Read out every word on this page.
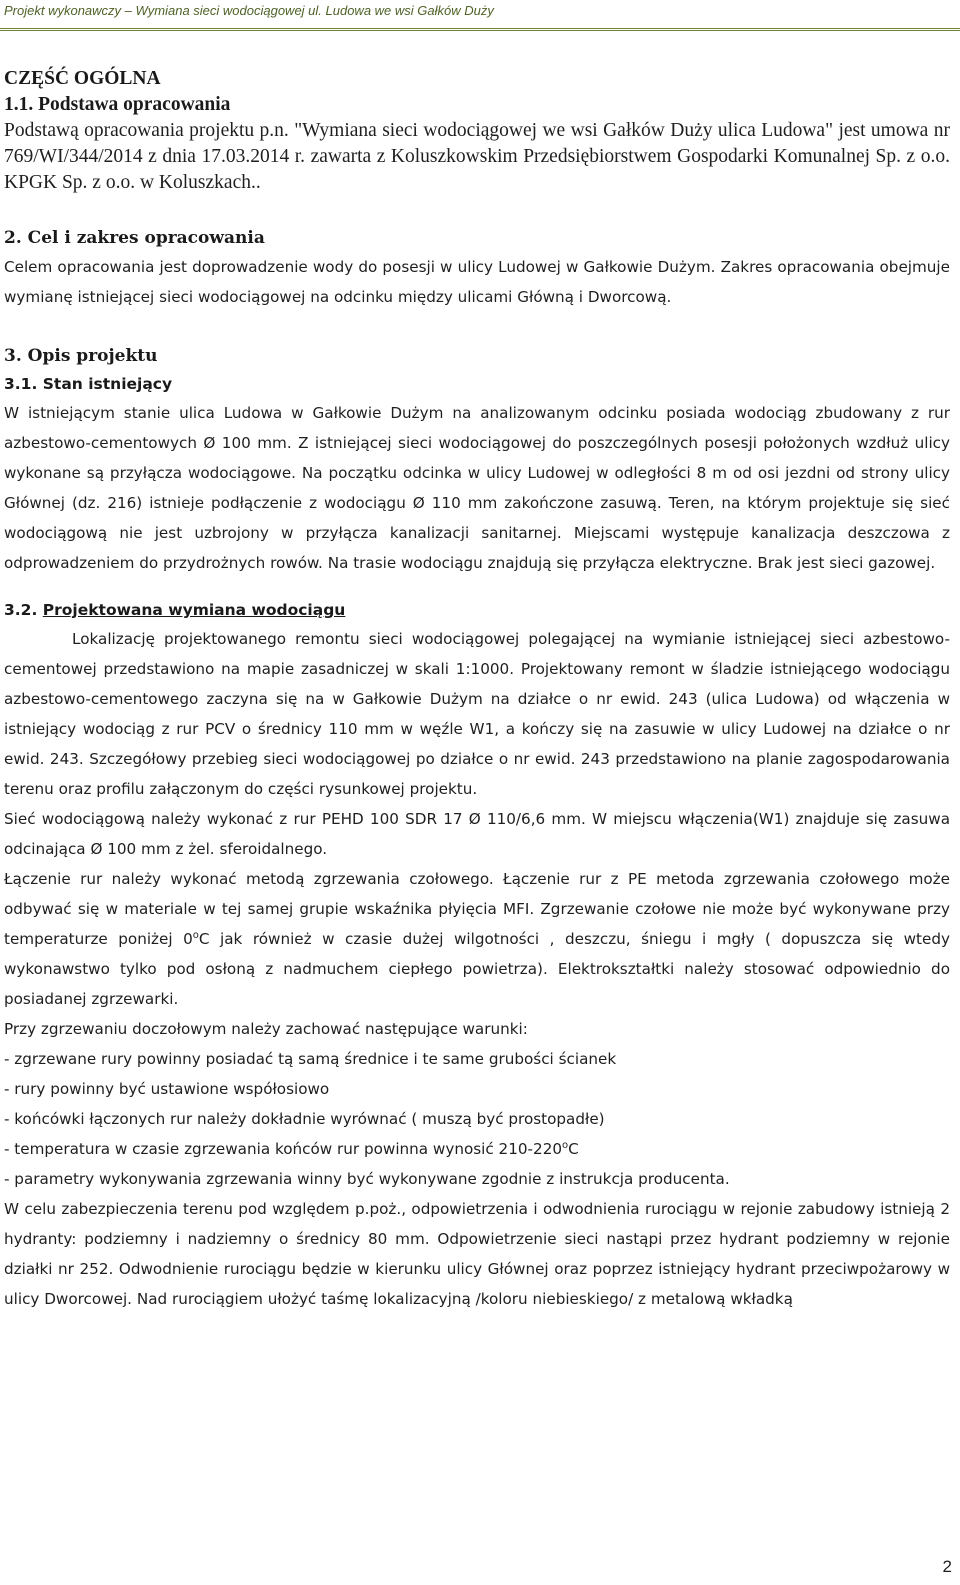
Projekt wykonawczy – Wymiana sieci wodociągowej ul. Ludowa we wsi Gałków Duży
CZĘŚĆ OGÓLNA
1.1. Podstawa opracowania

Podstawą opracowania projektu p.n. "Wymiana sieci wodociągowej we wsi Gałków Duży ulica Ludowa" jest umowa nr 769/WI/344/2014 z dnia 17.03.2014 r. zawarta z Koluszkowskim Przedsiębiorstwem Gospodarki Komunalnej Sp. z o.o. KPGK Sp. z o.o. w Koluszkach..

2. Cel i zakres opracowania

Celem opracowania jest doprowadzenie wody do posesji w ulicy Ludowej w Gałkowie Dużym. Zakres opracowania obejmuje wymianę istniejącej sieci wodociągowej na odcinku między ulicami Główną i Dworcową.

3. Opis projektu
3.1. Stan istniejący

W istniejącym stanie ulica Ludowa w Gałkowie Dużym na analizowanym odcinku posiada wodociąg zbudowany z rur azbestowo-cementowych Ø 100 mm. Z istniejącej sieci wodociągowej do poszczególnych posesji położonych wzdłuż ulicy wykonane są przyłącza wodociągowe. Na początku odcinka w ulicy Ludowej w odległości 8 m od osi jezdni od strony ulicy Głównej (dz. 216) istnieje podłączenie z wodociągu Ø 110 mm zakończone zasuwą. Teren, na którym projektuje się sieć wodociągową nie jest uzbrojony w przyłącza kanalizacji sanitarnej. Miejscami występuje kanalizacja deszczowa z odprowadzeniem do przydrożnych rowów. Na trasie wodociągu znajdują się przyłącza elektryczne. Brak jest sieci gazowej.

3.2. Projektowana wymiana wodociągu

Lokalizację projektowanego remontu sieci wodociągowej polegającej na wymianie istniejącej sieci azbestowo-cementowej przedstawiono na mapie zasadniczej w skali 1:1000. Projektowany remont w śladzie istniejącego wodociągu azbestowo-cementowego zaczyna się na w Gałkowie Dużym na działce o nr ewid. 243 (ulica Ludowa) od włączenia w istniejący wodociąg z rur PCV o średnicy 110 mm w węźle W1, a kończy się na zasuwie w ulicy Ludowej na działce o nr ewid. 243. Szczegółowy przebieg sieci wodociągowej po działce o nr ewid. 243 przedstawiono na planie zagospodarowania terenu oraz profilu załączonym do części rysunkowej projektu.

Sieć wodociągową należy wykonać z rur PEHD 100 SDR 17 Ø 110/6,6 mm. W miejscu włączenia(W1) znajduje się zasuwa odcinająca Ø 100 mm z żel. sferoidalnego.

Łączenie rur należy wykonać metodą zgrzewania czołowego. Łączenie rur z PE metoda zgrzewania czołowego może odbywać się w materiale w tej samej grupie wskaźnika płyięcia MFI. Zgrzewanie czołowe nie może być wykonywane przy temperaturze poniżej 0$^o$C jak również w czasie dużej wilgotności , deszczu, śniegu i mgły ( dopuszcza się wtedy wykonawstwo tylko pod osłoną z nadmuchem ciepłego powietrza). Elektrokształtki należy stosować odpowiednio do posiadanej zgrzewarki.

Przy zgrzewaniu doczołowym należy zachować następujące warunki:

- zgrzewane rury powinny posiadać tą samą średnice i te same grubości ścianek

- rury powinny być ustawione współosiowo

- końcówki łączonych rur należy dokładnie wyrównać ( muszą być prostopadłe)

- temperatura w czasie zgrzewania końców rur powinna wynosić 210-220$^o$C

- parametry wykonywania zgrzewania winny być wykonywane zgodnie z instrukcja producenta.

W celu zabezpieczenia terenu pod względem p.poż., odpowietrzenia i odwodnienia rurociągu w rejonie zabudowy istnieją 2 hydranty: podziemny i nadziemny o średnicy 80 mm. Odpowietrzenie sieci nastąpi przez hydrant podziemny w rejonie działki nr 252. Odwodnienie rurociągu będzie w kierunku ulicy Głównej oraz poprzez istniejący hydrant przeciwpożarowy w ulicy Dworcowej. Nad rurociągiem ułożyć taśmę lokalizacyjną /koloru niebieskiego/ z metalową wkładką

2
